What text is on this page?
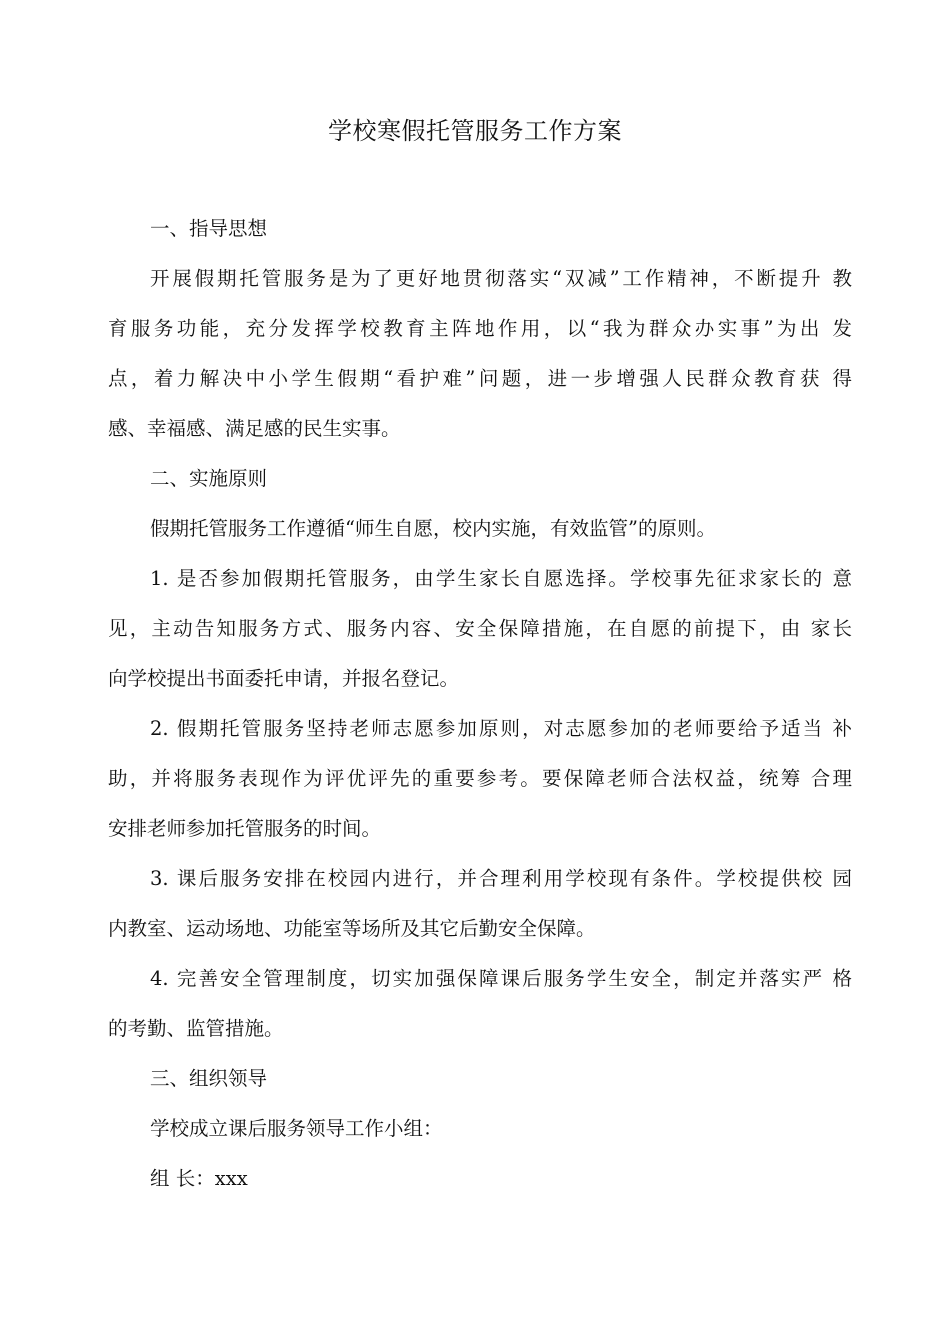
学校寒假托管服务工作方案
一、指导思想
开展假期托管服务是为了更好地贯彻落实“双减”工作精神，不断提升 教
育服务功能，充分发挥学校教育主阵地作用，以“我为群众办实事”为出 发
点，着力解决中小学生假期“看护难”问题，进一步增强人民群众教育获 得
感、幸福感、满足感的民生实事。
二、实施原则
假期托管服务工作遵循“师生自愿，校内实施，有效监管”的原则。
1. 是否参加假期托管服务，由学生家长自愿选择。学校事先征求家长的 意
见，主动告知服务方式、服务内容、安全保障措施，在自愿的前提下，由 家长
向学校提出书面委托申请，并报名登记。
2. 假期托管服务坚持老师志愿参加原则，对志愿参加的老师要给予适当 补
助，并将服务表现作为评优评先的重要参考。要保障老师合法权益，统筹 合理
安排老师参加托管服务的时间。
3. 课后服务安排在校园内进行，并合理利用学校现有条件。学校提供校 园
内教室、运动场地、功能室等场所及其它后勤安全保障。
4. 完善安全管理制度，切实加强保障课后服务学生安全，制定并落实严 格
的考勤、监管措施。
三、组织领导
学校成立课后服务领导工作小组：
组 长：xxx
